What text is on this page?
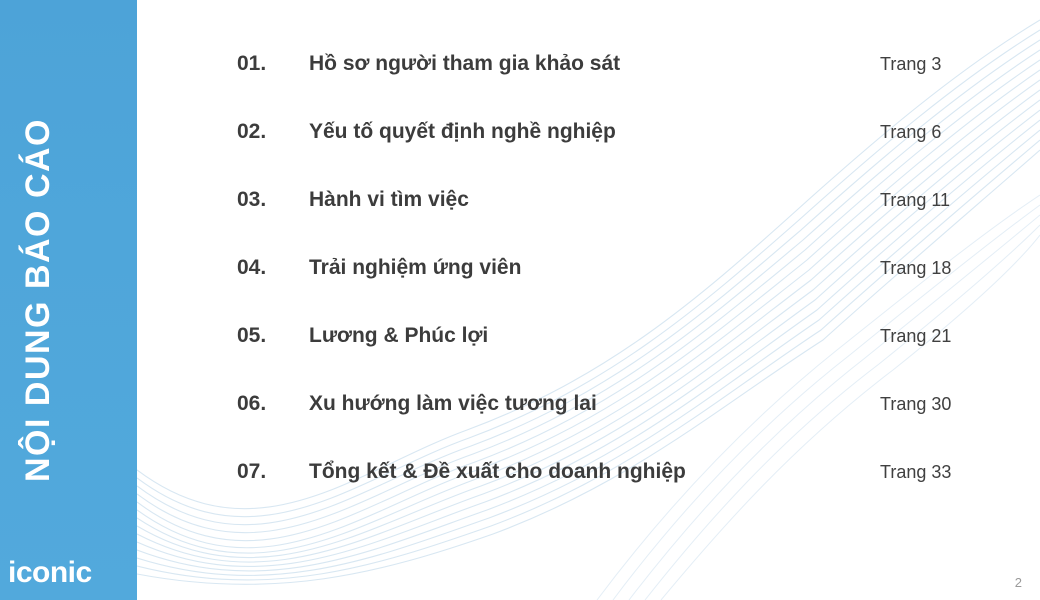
NỘI DUNG BÁO CÁO
iconic
01.	Hồ sơ người tham gia khảo sát	Trang 3
02.	Yếu tố quyết định nghề nghiệp	Trang 6
03.	Hành vi tìm việc	Trang 11
04.	Trải nghiệm ứng viên	Trang 18
05.	Lương & Phúc lợi	Trang 21
06.	Xu hướng làm việc tương lai	Trang 30
07.	Tổng kết & Đề xuất cho doanh nghiệp	Trang 33
2
